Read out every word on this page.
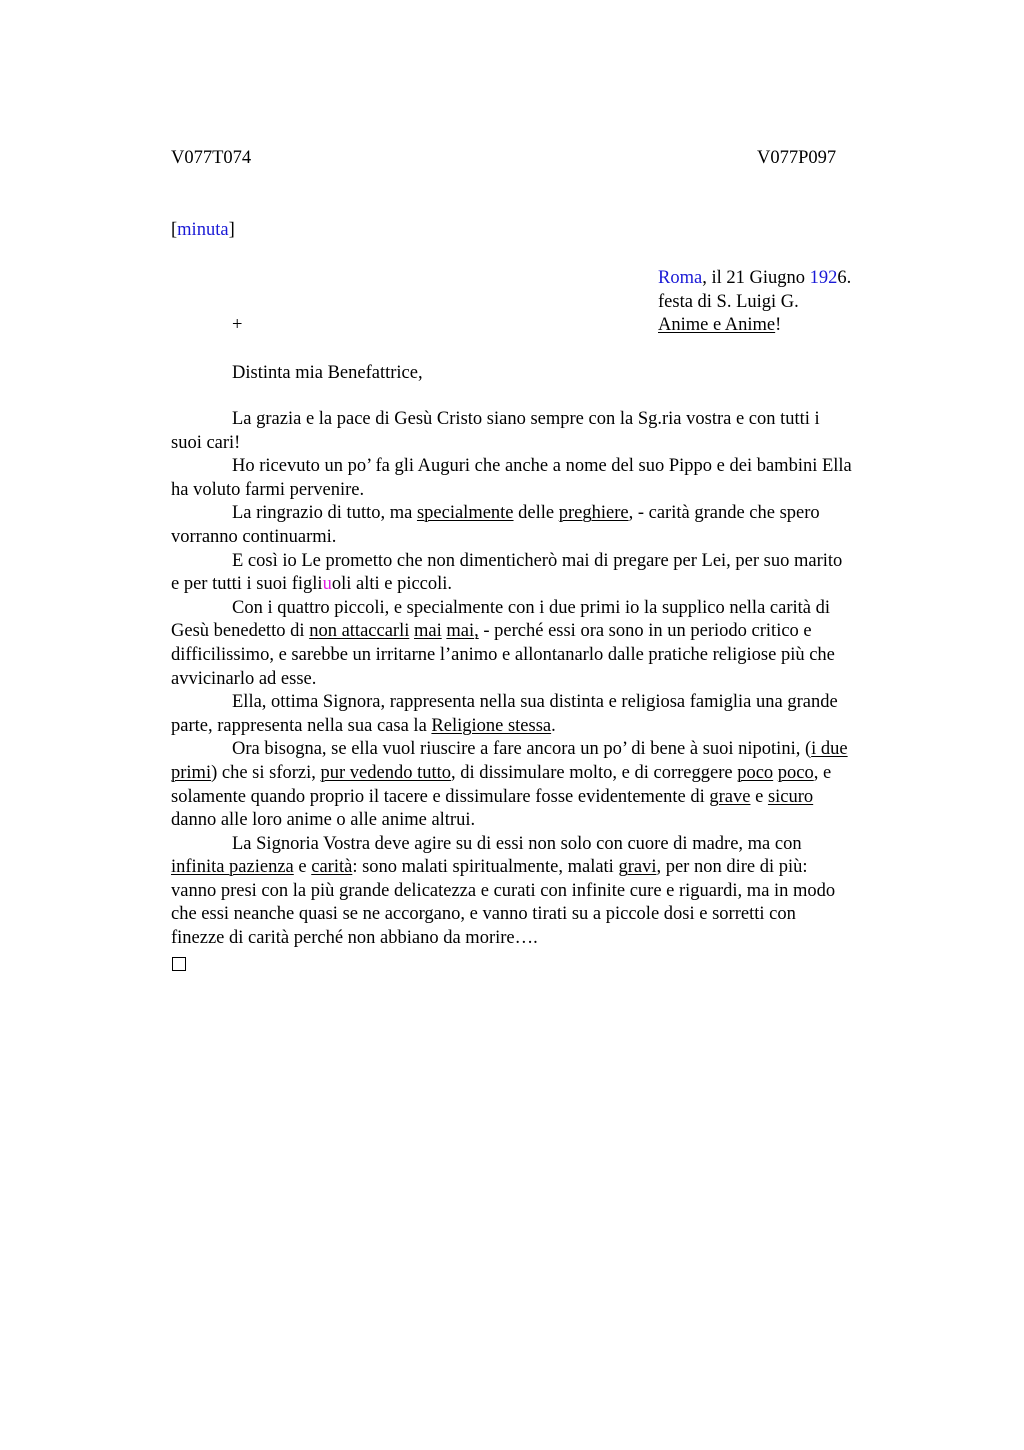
V077T074	V077P097
[minuta]
Roma, il 21 Giugno 1926.
festa di S. Luigi G.
Anime e Anime!
+
Distinta mia Benefattrice,
La grazia e la pace di Gesù Cristo siano sempre con la Sg.ria vostra e con tutti i
suoi cari!
Ho ricevuto un po’ fa gli Auguri che anche a nome del suo Pippo e dei bambini Ella
ha voluto farmi pervenire.
La ringrazio di tutto, ma specialmente delle preghiere, - carità grande che spero
vorranno continuarmi.
E così io Le prometto che non dimenticherò mai di pregare per Lei, per suo marito
e per tutti i suoi figliuoli alti e piccoli.
Con i quattro piccoli, e specialmente con i due primi io la supplico nella carità di
Gesù benedetto di non attaccarli mai mai, - perché essi ora sono in un periodo critico e
difficilissimo, e sarebbe un irritarne l’animo e allontanarlo dalle pratiche religiose più che
avvicinarlo ad esse.
Ella, ottima Signora, rappresenta nella sua distinta e religiosa famiglia una grande
parte, rappresenta nella sua casa la Religione stessa.
Ora bisogna, se ella vuol riuscire a fare ancora un po’ di bene à suoi nipotini, (i due
primi) che si sforzi, pur vedendo tutto, di dissimulare molto, e di correggere poco poco, e
solamente quando proprio il tacere e dissimulare fosse evidentemente di grave e sicuro
danno alle loro anime o alle anime altrui.
La Signoria Vostra deve agire su di essi non solo con cuore di madre, ma con
infinita pazienza e carità: sono malati spiritualmente, malati gravi, per non dire di più:
vanno presi con la più grande delicatezza e curati con infinite cure e riguardi, ma in modo
che essi neanche quasi se ne accorgano, e vanno tirati su a piccole dosi e sorretti con
finezze di carità perché non abbiano da morire….
